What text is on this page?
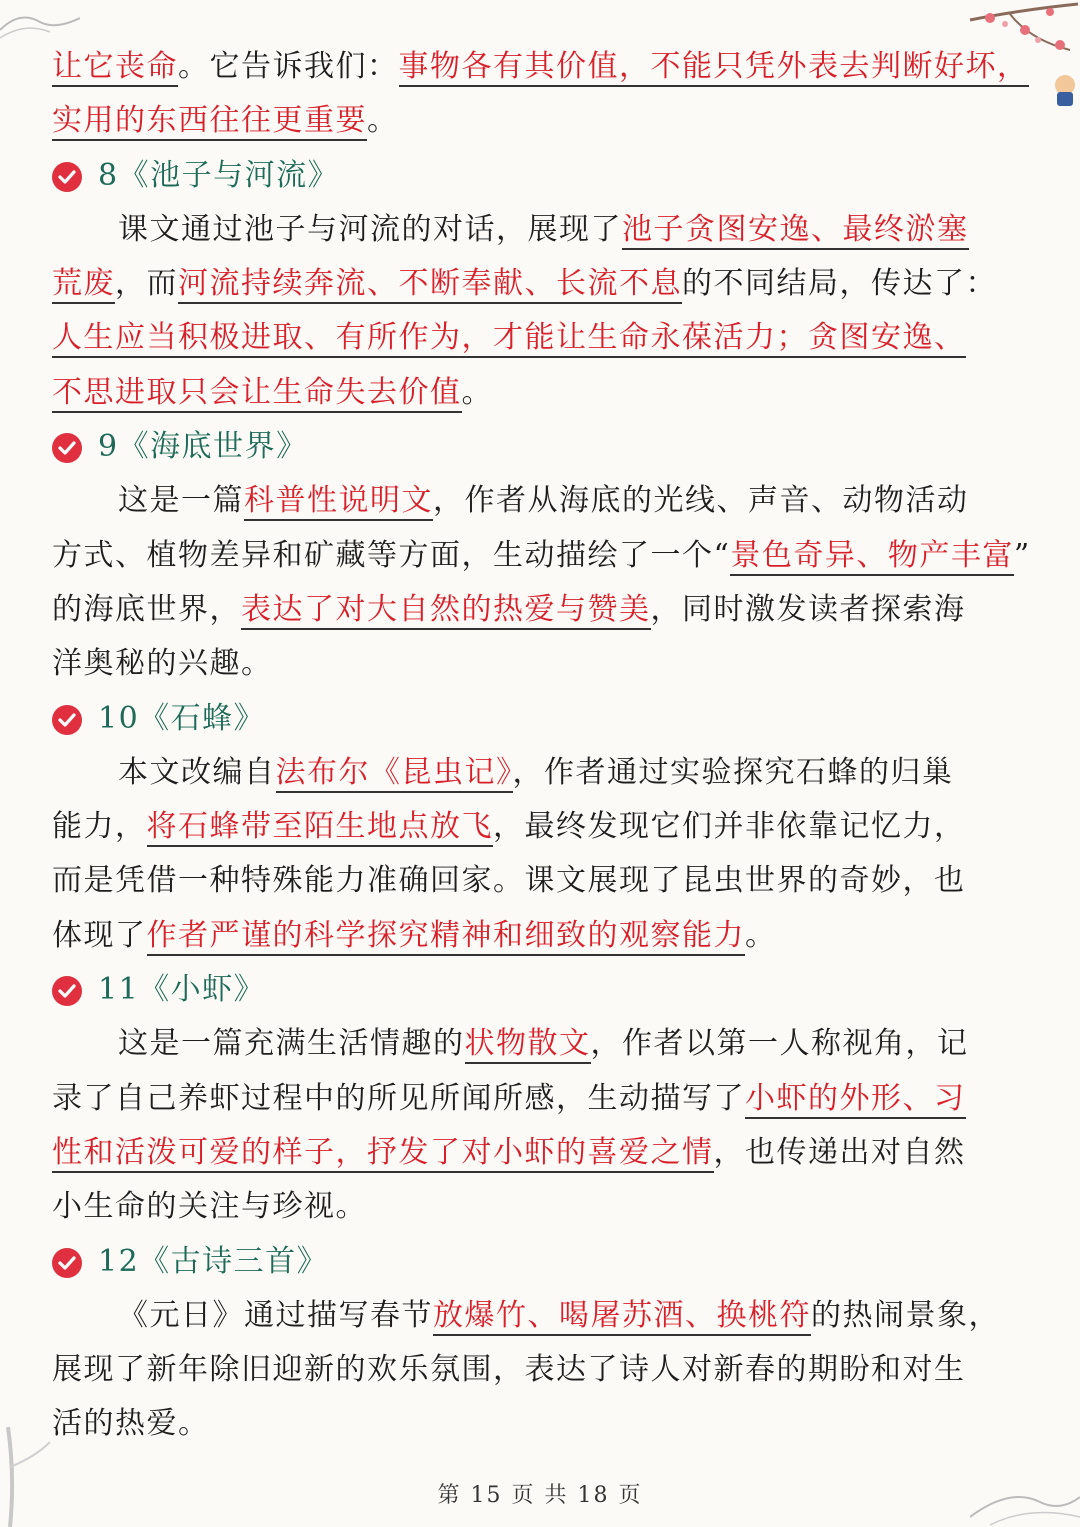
让它丧命。它告诉我们：事物各有其价值，不能只凭外表去判断好坏，
实用的东西往往更重要。
8《池子与河流》
课文通过池子与河流的对话，展现了池子贪图安逸、最终淤塞
荒废，而河流持续奔流、不断奉献、长流不息的不同结局，传达了：
人生应当积极进取、有所作为，才能让生命永葆活力；贪图安逸、
不思进取只会让生命失去价值。
9《海底世界》
这是一篇科普性说明文，作者从海底的光线、声音、动物活动
方式、植物差异和矿藏等方面，生动描绘了一个“景色奇异、物产丰富”
的海底世界，表达了对大自然的热爱与赞美，同时激发读者探索海
洋奥秘的兴趣。
10《石蜂》
本文改编自法布尔《昆虫记》，作者通过实验探究石蜂的归巢
能力，将石蜂带至陌生地点放飞，最终发现它们并非依靠记忆力，
而是凭借一种特殊能力准确回家。课文展现了昆虫世界的奇妙，也
体现了作者严谨的科学探究精神和细致的观察能力。
11《小虾》
这是一篇充满生活情趣的状物散文，作者以第一人称视角，记
录了自己养虾过程中的所见所闻所感，生动描写了小虾的外形、习
性和活泼可爱的样子，抒发了对小虾的喜爱之情，也传递出对自然
小生命的关注与珍视。
12《古诗三首》
《元日》通过描写春节放爆竹、喝屠苏酒、换桃符的热闹景象，
展现了新年除旧迎新的欢乐氛围，表达了诗人对新春的期盼和对生
活的热爱。
第 15 页 共 18 页
